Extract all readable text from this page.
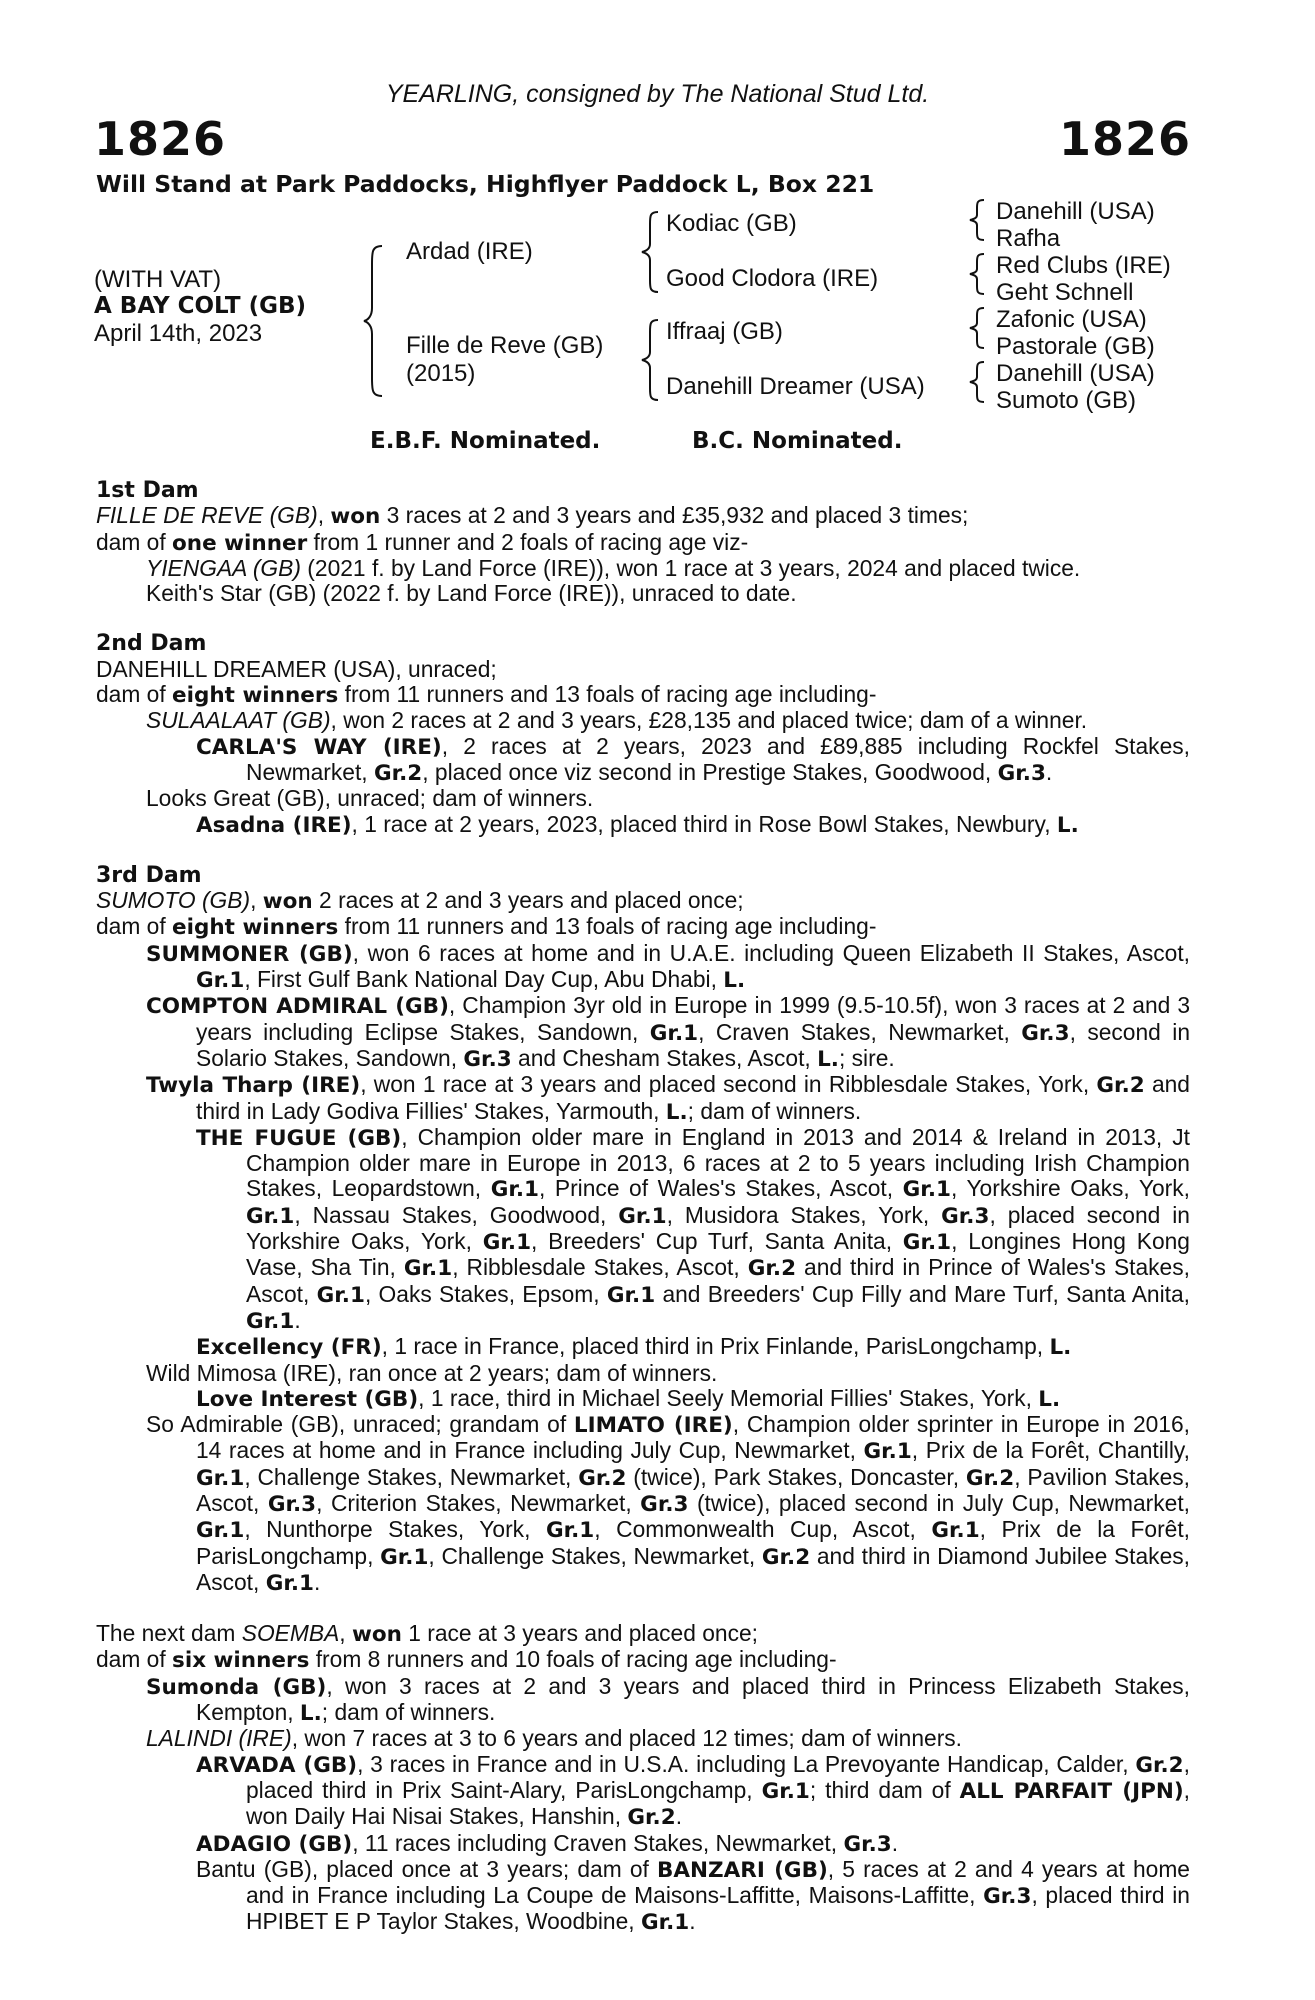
YEARLING, consigned by The National Stud Ltd.
1826	1826
Will Stand at Park Paddocks, Highflyer Paddock L, Box 221
(WITH VAT)
A BAY COLT (GB)
April 14th, 2023
Ardad (IRE)
Fille de Reve (GB)
(2015)
Kodiac (GB)
Good Clodora (IRE)
Iffraaj (GB)
Danehill Dreamer (USA)
Danehill (USA)
Rafha
Red Clubs (IRE)
Geht Schnell
Zafonic (USA)
Pastorale (GB)
Danehill (USA)
Sumoto (GB)
E.B.F. Nominated.	B.C. Nominated.

1st Dam

FILLE DE REVE (GB), won 3 races at 2 and 3 years and £35,932 and placed 3 times;

dam of one winner from 1 runner and 2 foals of racing age viz-

YIENGAA (GB) (2021 f. by Land Force (IRE)), won 1 race at 3 years, 2024 and placed twice.

Keith's Star (GB) (2022 f. by Land Force (IRE)), unraced to date.

2nd Dam

DANEHILL DREAMER (USA), unraced;

dam of eight winners from 11 runners and 13 foals of racing age including-

SULAALAAT (GB), won 2 races at 2 and 3 years, £28,135 and placed twice; dam of a winner.

CARLA'S WAY (IRE), 2 races at 2 years, 2023 and £89,885 including Rockfel Stakes, Newmarket, Gr.2, placed once viz second in Prestige Stakes, Goodwood, Gr.3.

Looks Great (GB), unraced; dam of winners.

Asadna (IRE), 1 race at 2 years, 2023, placed third in Rose Bowl Stakes, Newbury, L.

3rd Dam

SUMOTO (GB), won 2 races at 2 and 3 years and placed once;

dam of eight winners from 11 runners and 13 foals of racing age including-

SUMMONER (GB), won 6 races at home and in U.A.E. including Queen Elizabeth II Stakes, Ascot, Gr.1, First Gulf Bank National Day Cup, Abu Dhabi, L.

COMPTON ADMIRAL (GB), Champion 3yr old in Europe in 1999 (9.5-10.5f), won 3 races at 2 and 3 years including Eclipse Stakes, Sandown, Gr.1, Craven Stakes, Newmarket, Gr.3, second in Solario Stakes, Sandown, Gr.3 and Chesham Stakes, Ascot, L.; sire.

Twyla Tharp (IRE), won 1 race at 3 years and placed second in Ribblesdale Stakes, York, Gr.2 and third in Lady Godiva Fillies' Stakes, Yarmouth, L.; dam of winners.

THE FUGUE (GB), Champion older mare in England in 2013 and 2014 & Ireland in 2013, Jt Champion older mare in Europe in 2013, 6 races at 2 to 5 years including Irish Champion Stakes, Leopardstown, Gr.1, Prince of Wales's Stakes, Ascot, Gr.1, Yorkshire Oaks, York, Gr.1, Nassau Stakes, Goodwood, Gr.1, Musidora Stakes, York, Gr.3, placed second in Yorkshire Oaks, York, Gr.1, Breeders' Cup Turf, Santa Anita, Gr.1, Longines Hong Kong Vase, Sha Tin, Gr.1, Ribblesdale Stakes, Ascot, Gr.2 and third in Prince of Wales's Stakes, Ascot, Gr.1, Oaks Stakes, Epsom, Gr.1 and Breeders' Cup Filly and Mare Turf, Santa Anita, Gr.1.

Excellency (FR), 1 race in France, placed third in Prix Finlande, ParisLongchamp, L.

Wild Mimosa (IRE), ran once at 2 years; dam of winners.

Love Interest (GB), 1 race, third in Michael Seely Memorial Fillies' Stakes, York, L.

So Admirable (GB), unraced; grandam of LIMATO (IRE), Champion older sprinter in Europe in 2016, 14 races at home and in France including July Cup, Newmarket, Gr.1, Prix de la Forêt, Chantilly, Gr.1, Challenge Stakes, Newmarket, Gr.2 (twice), Park Stakes, Doncaster, Gr.2, Pavilion Stakes, Ascot, Gr.3, Criterion Stakes, Newmarket, Gr.3 (twice), placed second in July Cup, Newmarket, Gr.1, Nunthorpe Stakes, York, Gr.1, Commonwealth Cup, Ascot, Gr.1, Prix de la Forêt, ParisLongchamp, Gr.1, Challenge Stakes, Newmarket, Gr.2 and third in Diamond Jubilee Stakes, Ascot, Gr.1.

The next dam SOEMBA, won 1 race at 3 years and placed once;

dam of six winners from 8 runners and 10 foals of racing age including-

Sumonda (GB), won 3 races at 2 and 3 years and placed third in Princess Elizabeth Stakes, Kempton, L.; dam of winners.

LALINDI (IRE), won 7 races at 3 to 6 years and placed 12 times; dam of winners.

ARVADA (GB), 3 races in France and in U.S.A. including La Prevoyante Handicap, Calder, Gr.2, placed third in Prix Saint-Alary, ParisLongchamp, Gr.1; third dam of ALL PARFAIT (JPN), won Daily Hai Nisai Stakes, Hanshin, Gr.2.

ADAGIO (GB), 11 races including Craven Stakes, Newmarket, Gr.3.

Bantu (GB), placed once at 3 years; dam of BANZARI (GB), 5 races at 2 and 4 years at home and in France including La Coupe de Maisons-Laffitte, Maisons-Laffitte, Gr.3, placed third in HPIBET E P Taylor Stakes, Woodbine, Gr.1.
